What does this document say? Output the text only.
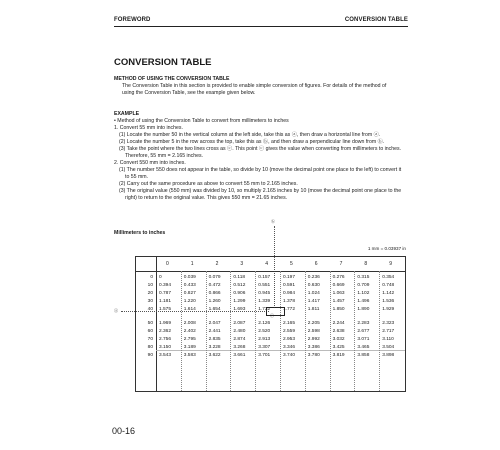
FOREWORD	CONVERSION TABLE
CONVERSION TABLE
METHOD OF USING THE CONVERSION TABLE
The Conversion Table in this section is provided to enable simple conversion of figures. For details of the method of using the Conversion Table, see the example given below.
EXAMPLE
• Method of using the Conversion Table to convert from millimeters to inches
1. Convert 55 mm into inches.
(1) Locate the number 50 in the vertical column at the left side, take this as ⓐ, then draw a horizontal line from ⓐ.
(2) Locate the number 5 in the row across the top, take this as ⓑ, and then draw a perpendicular line down from ⓑ.
(3) Take the point where the two lines cross as ⓒ. This point ⓒ gives the value when converting from millimeters to inches. Therefore, 55 mm = 2.165 inches.
2. Convert 550 mm into inches.
(1) The number 550 does not appear in the table, so divide by 10 (move the decimal point one place to the left) to convert it to 55 mm.
(2) Carry out the same procedure as above to convert 55 mm to 2.165 inches.
(3) The original value (550 mm) was divided by 10, so multiply 2.165 inches by 10 (move the decimal point one place to the right) to return to the original value. This gives 550 mm = 21.65 inches.
ⓑ
Millimeters to inches
1 mm = 0.03937 in
0	1	2	3	4	5	6	7	8	9
0 0	0.039	0.079	0.118	0.157	0.197	0.236	0.276	0.315	0.354
10 0.394	0.433	0.472	0.512	0.551	0.591	0.630	0.669	0.709	0.748
20 0.787	0.827	0.866	0.906	0.945	0.984	1.024	1.063	1.102	1.142
30 1.181	1.220	1.260	1.299	1.339	1.378	1.417	1.457	1.496	1.536
40 1.575	1.614	1.654	1.693	1.732	1.772	1.811	1.850	1.890	1.929
50 1.969	2.008	2.047	2.087	2.126	2.165	2.205	2.244	2.283	2.323
60 2.362	2.402	2.441	2.480	2.520	2.559	2.598	2.638	2.677	2.717
70 2.756	2.795	2.835	2.874	2.913	2.953	2.992	3.032	3.071	3.110
80 3.150	3.189	3.228	3.268	3.307	3.346	3.386	3.425	3.465	3.504
90 3.543	3.583	3.622	3.661	3.701	3.740	3.780	3.819	3.858	3.898
ⓐ
ⓒ
00-16
